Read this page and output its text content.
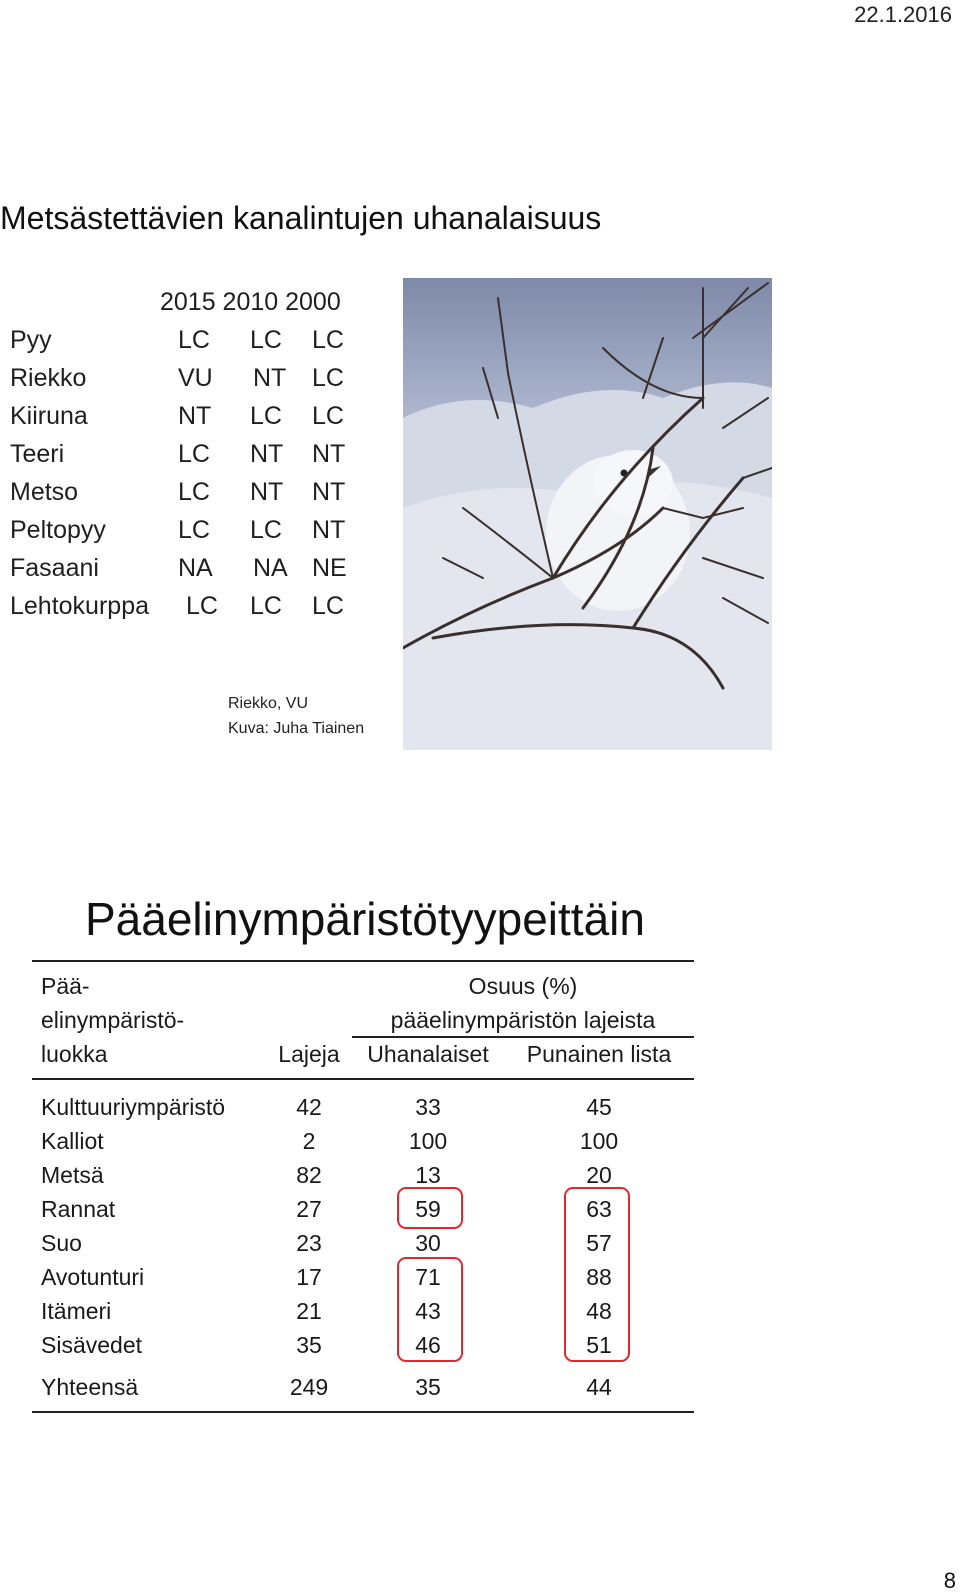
22.1.2016
Metsästettävien kanalintujen uhanalaisuus
2015 2010 2000
Pyy	LC LC LC
Riekko	VU NT LC
Kiiruna	NT LC LC
Teeri	LC NT NT
Metso	LC NT NT
Peltopyy	LC LC NT
Fasaani	NA NA NE
Lehtokurppa LC LC LC
Riekko, VU
Kuva: Juha Tiainen
Pääelinympäristötyypeittäin
Pää-
elinympäristö-
luokka	Lajeja
Osuus (%)
pääelinympäristön lajeista
Uhanalaiset Punainen lista
Kulttuuriympäristö	42	33	45
Kalliot	2	100	100
Metsä	82	13	20
Rannat	27	59	63
Suo	23	30	57
Avotunturi	17	71	88
Itämeri	21	43	48
Sisävedet	35	46	51
Yhteensä	249	35	44
8
